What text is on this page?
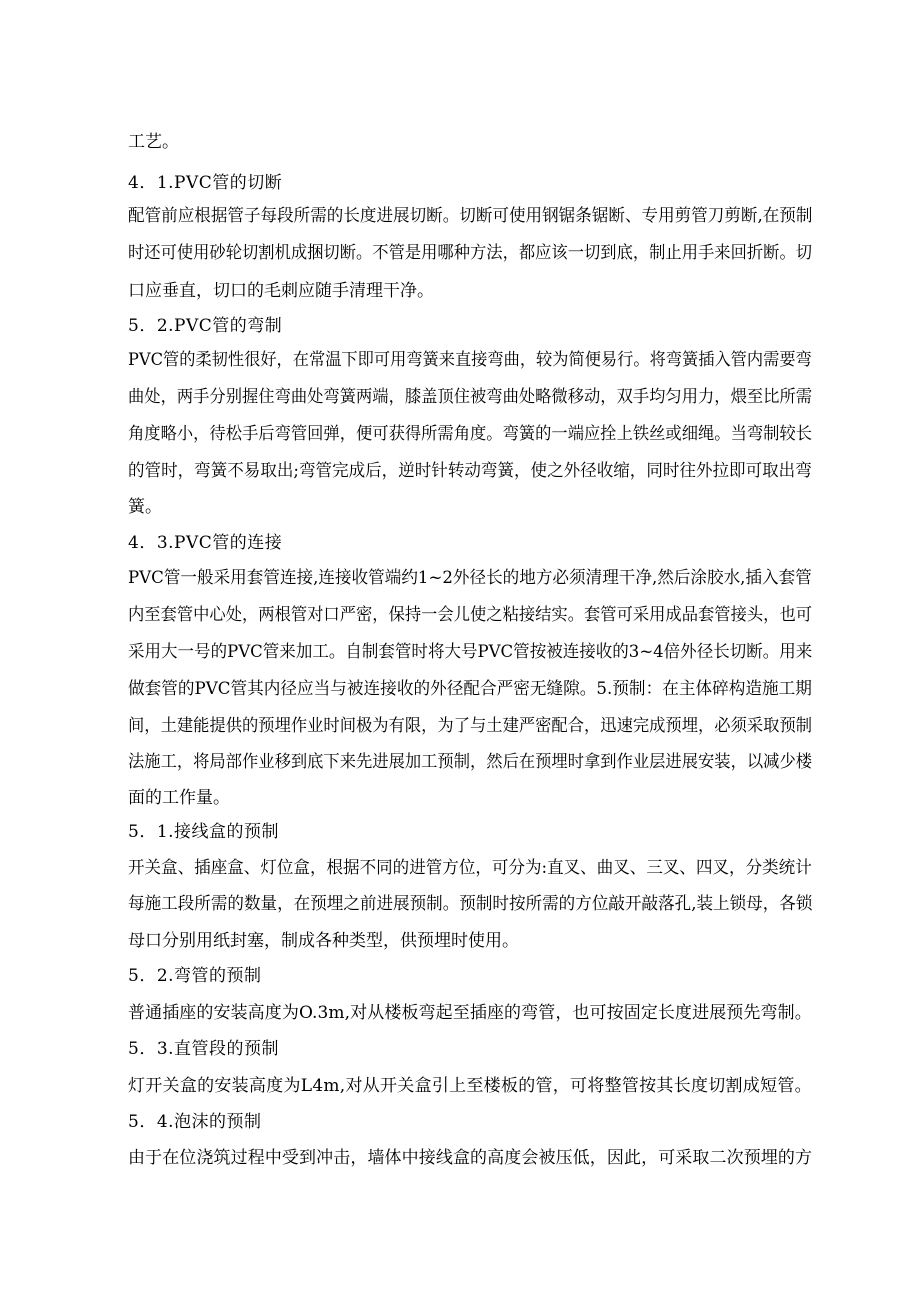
工艺。
4．1.PVC管的切断
配管前应根据管子每段所需的长度进展切断。切断可使用钢锯条锯断、专用剪管刀剪断,在预制
时还可使用砂轮切割机成捆切断。不管是用哪种方法，都应该一切到底，制止用手来回折断。切
口应垂直，切口的毛刺应随手清理干净。
5．2.PVC管的弯制
PVC管的柔韧性很好，在常温下即可用弯簧来直接弯曲，较为简便易行。将弯簧插入管内需要弯
曲处，两手分别握住弯曲处弯簧两端，膝盖顶住被弯曲处略微移动，双手均匀用力，煨至比所需
角度略小，待松手后弯管回弹，便可获得所需角度。弯簧的一端应拴上铁丝或细绳。当弯制较长
的管时，弯簧不易取出;弯管完成后，逆时针转动弯簧，使之外径收缩，同时往外拉即可取出弯
簧。
4．3.PVC管的连接
PVC管一般采用套管连接,连接收管端约1~2外径长的地方必须清理干净,然后涂胶水,插入套管
内至套管中心处，两根管对口严密，保持一会儿使之粘接结实。套管可采用成品套管接头，也可
采用大一号的PVC管来加工。自制套管时将大号PVC管按被连接收的3~4倍外径长切断。用来
做套管的PVC管其内径应当与被连接收的外径配合严密无缝隙。5.预制：在主体碎构造施工期
间，土建能提供的预埋作业时间极为有限，为了与土建严密配合，迅速完成预埋，必须采取预制
法施工，将局部作业移到底下来先进展加工预制，然后在预埋时拿到作业层进展安装，以减少楼
面的工作量。
5．1.接线盒的预制
开关盒、插座盒、灯位盒，根据不同的进管方位，可分为:直叉、曲叉、三叉、四叉，分类统计
每施工段所需的数量，在预埋之前进展预制。预制时按所需的方位敲开敲落孔,装上锁母，各锁
母口分别用纸封塞，制成各种类型，供预埋时使用。
5．2.弯管的预制
普通插座的安装高度为O.3m,对从楼板弯起至插座的弯管，也可按固定长度进展预先弯制。
5．3.直管段的预制
灯开关盒的安装高度为L4m,对从开关盒引上至楼板的管，可将整管按其长度切割成短管。
5．4.泡沫的预制
由于在位浇筑过程中受到冲击，墙体中接线盒的高度会被压低，因此，可采取二次预埋的方
